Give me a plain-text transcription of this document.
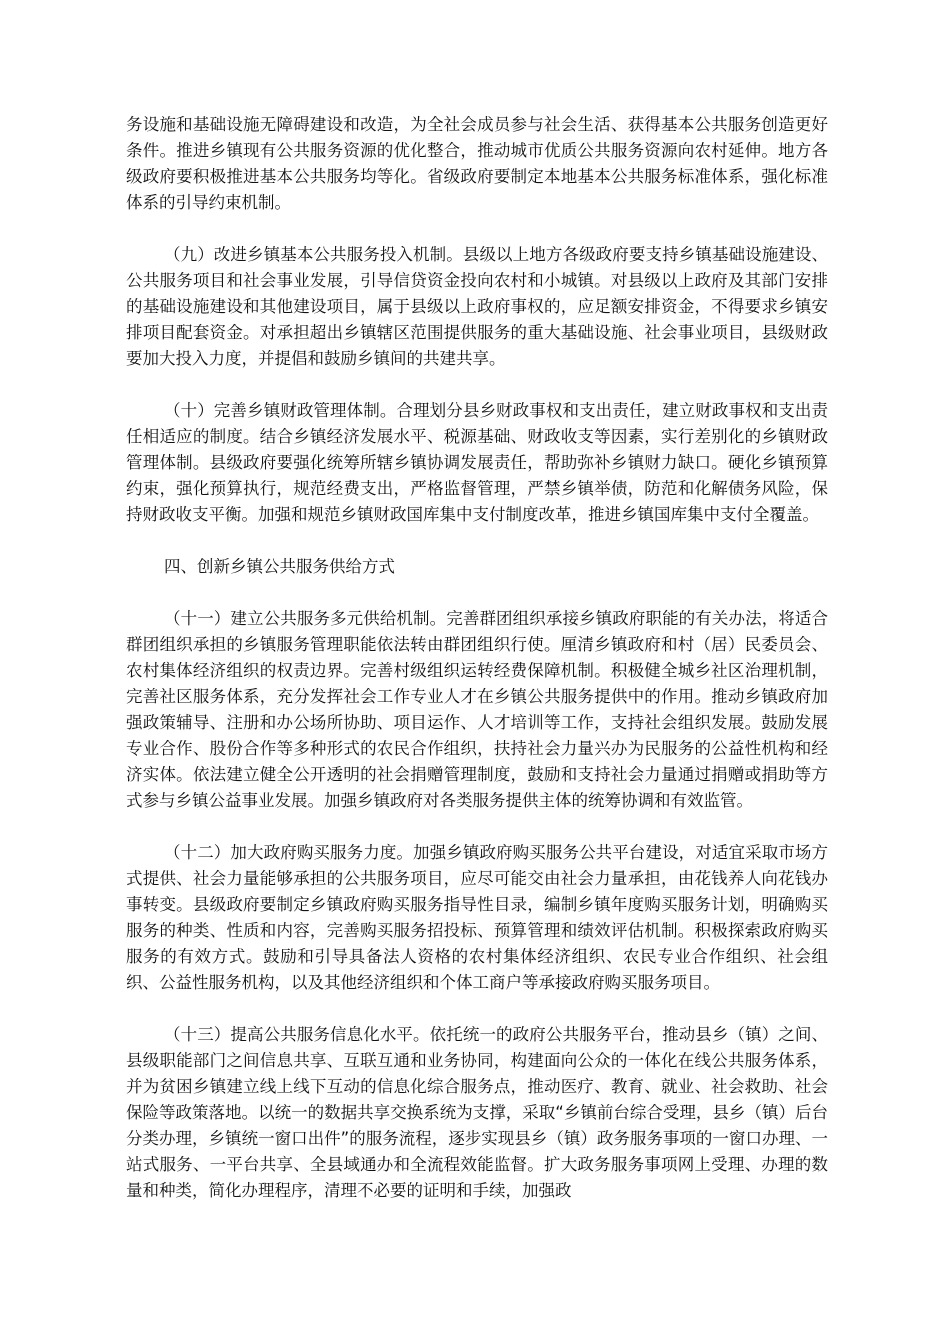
务设施和基础设施无障碍建设和改造，为全社会成员参与社会生活、获得基本公共服务创造更好条件。推进乡镇现有公共服务资源的优化整合，推动城市优质公共服务资源向农村延伸。地方各级政府要积极推进基本公共服务均等化。省级政府要制定本地基本公共服务标准体系，强化标准体系的引导约束机制。

（九）改进乡镇基本公共服务投入机制。县级以上地方各级政府要支持乡镇基础设施建设、公共服务项目和社会事业发展，引导信贷资金投向农村和小城镇。对县级以上政府及其部门安排的基础设施建设和其他建设项目，属于县级以上政府事权的，应足额安排资金，不得要求乡镇安排项目配套资金。对承担超出乡镇辖区范围提供服务的重大基础设施、社会事业项目，县级财政要加大投入力度，并提倡和鼓励乡镇间的共建共享。

（十）完善乡镇财政管理体制。合理划分县乡财政事权和支出责任，建立财政事权和支出责任相适应的制度。结合乡镇经济发展水平、税源基础、财政收支等因素，实行差别化的乡镇财政管理体制。县级政府要强化统筹所辖乡镇协调发展责任，帮助弥补乡镇财力缺口。硬化乡镇预算约束，强化预算执行，规范经费支出，严格监督管理，严禁乡镇举债，防范和化解债务风险，保持财政收支平衡。加强和规范乡镇财政国库集中支付制度改革，推进乡镇国库集中支付全覆盖。

四、创新乡镇公共服务供给方式

（十一）建立公共服务多元供给机制。完善群团组织承接乡镇政府职能的有关办法，将适合群团组织承担的乡镇服务管理职能依法转由群团组织行使。厘清乡镇政府和村（居）民委员会、农村集体经济组织的权责边界。完善村级组织运转经费保障机制。积极健全城乡社区治理机制，完善社区服务体系，充分发挥社会工作专业人才在乡镇公共服务提供中的作用。推动乡镇政府加强政策辅导、注册和办公场所协助、项目运作、人才培训等工作，支持社会组织发展。鼓励发展专业合作、股份合作等多种形式的农民合作组织，扶持社会力量兴办为民服务的公益性机构和经济实体。依法建立健全公开透明的社会捐赠管理制度，鼓励和支持社会力量通过捐赠或捐助等方式参与乡镇公益事业发展。加强乡镇政府对各类服务提供主体的统筹协调和有效监管。

（十二）加大政府购买服务力度。加强乡镇政府购买服务公共平台建设，对适宜采取市场方式提供、社会力量能够承担的公共服务项目，应尽可能交由社会力量承担，由花钱养人向花钱办事转变。县级政府要制定乡镇政府购买服务指导性目录，编制乡镇年度购买服务计划，明确购买服务的种类、性质和内容，完善购买服务招投标、预算管理和绩效评估机制。积极探索政府购买服务的有效方式。鼓励和引导具备法人资格的农村集体经济组织、农民专业合作组织、社会组织、公益性服务机构，以及其他经济组织和个体工商户等承接政府购买服务项目。

（十三）提高公共服务信息化水平。依托统一的政府公共服务平台，推动县乡（镇）之间、县级职能部门之间信息共享、互联互通和业务协同，构建面向公众的一体化在线公共服务体系，并为贫困乡镇建立线上线下互动的信息化综合服务点，推动医疗、教育、就业、社会救助、社会保险等政策落地。以统一的数据共享交换系统为支撑，采取“乡镇前台综合受理，县乡（镇）后台分类办理，乡镇统一窗口出件”的服务流程，逐步实现县乡（镇）政务服务事项的一窗口办理、一站式服务、一平台共享、全县域通办和全流程效能监督。扩大政务服务事项网上受理、办理的数量和种类，简化办理程序，清理不必要的证明和手续，加强政
